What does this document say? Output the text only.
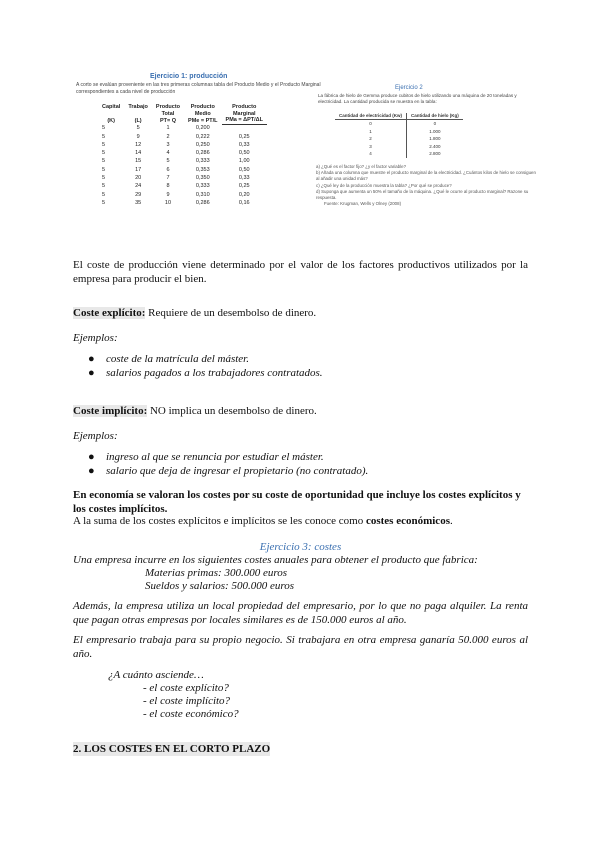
Ejercicio 1: producción
A corto se evalúan proveniente en las tres primeras columnas tabla del Producto Medio y el Producto Marginal correspondientes a cada nivel de producción
Capital	Trabajo	Producto	Producto	Producto
		Total	Medio	Marginal
(K)	(L)	PT= Q	PMe = PT/L	PMa = ΔPT/ΔL
5	5	1	0,200	
5	9	2	0,222	0,25
5	12	3	0,250	0,33
5	14	4	0,286	0,50
5	15	5	0,333	1,00
5	17	6	0,353	0,50
5	20	7	0,350	0,33
5	24	8	0,333	0,25
5	29	9	0,310	0,20
5	35	10	0,286	0,16
Ejercicio 2
La fábrica de hielo de Gemma produce cubitos de hielo utilizando una máquina de 20 toneladas y electricidad. La cantidad producida se muestra en la tabla:
Cantidad de electricidad (Kw)	Cantidad de hielo (Kg)
0	0
1	1.000
2	1.800
3	2.400
4	2.800
a) ¿Qué es el factor fijo? ¿y el factor variable?
b) Añada una columna que muestre el producto marginal de la electricidad. ¿Cuántos kilos de hielo se consiguen al añadir una unidad más?
c) ¿Qué ley de la producción muestra la tabla? ¿Por qué se produce?
d) Suponga que aumenta un 50% el tamaño de la máquina. ¿Qué le ocurre al producto marginal? Razone su respuesta.
Fuente: Krugman, Wells y Olney (2008)
El coste de producción viene determinado por el valor de los factores productivos utilizados por la empresa para producir el bien.
Coste explícito: Requiere de un desembolso de dinero.
Ejemplos:
● coste de la matrícula del máster.
● salarios pagados a los trabajadores contratados.
Coste implícito: NO implica un desembolso de dinero.
Ejemplos:
● ingreso al que se renuncia por estudiar el máster.
● salario que deja de ingresar el propietario (no contratado).
En economía se valoran los costes por su coste de oportunidad que incluye los costes explícitos y los costes implícitos.
A la suma de los costes explícitos e implícitos se les conoce como costes económicos.
Ejercicio 3: costes
Una empresa incurre en los siguientes costes anuales para obtener el producto que fabrica:
Materias primas: 300.000 euros
Sueldos y salarios: 500.000 euros
Además, la empresa utiliza un local propiedad del empresario, por lo que no paga alquiler. La renta que pagan otras empresas por locales similares es de 150.000 euros al año.
El empresario trabaja para su propio negocio. Si trabajara en otra empresa ganaría 50.000 euros al año.
¿A cuánto asciende…
- el coste explícito?
- el coste implícito?
- el coste económico?
2. LOS COSTES EN EL CORTO PLAZO
